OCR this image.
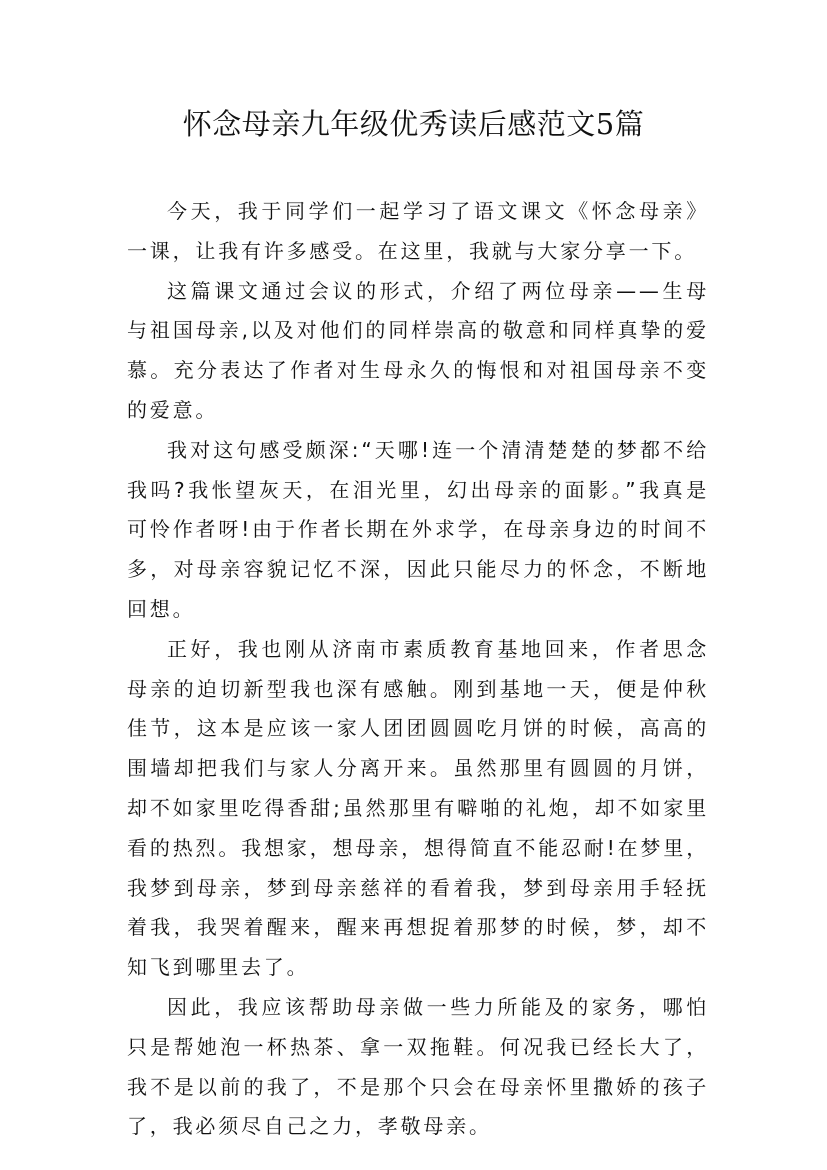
怀念母亲九年级优秀读后感范文5篇

今天，我于同学们一起学习了语文课文《怀念母亲》一课，让我有许多感受。在这里，我就与大家分享一下。

这篇课文通过会议的形式，介绍了两位母亲——生母与祖国母亲,以及对他们的同样崇高的敬意和同样真挚的爱慕。充分表达了作者对生母永久的悔恨和对祖国母亲不变的爱意。

我对这句感受颇深:“天哪!连一个清清楚楚的梦都不给我吗?我怅望灰天，在泪光里，幻出母亲的面影。”我真是可怜作者呀!由于作者长期在外求学，在母亲身边的时间不多，对母亲容貌记忆不深，因此只能尽力的怀念，不断地回想。

正好，我也刚从济南市素质教育基地回来，作者思念母亲的迫切新型我也深有感触。刚到基地一天，便是仲秋佳节，这本是应该一家人团团圆圆吃月饼的时候，高高的围墙却把我们与家人分离开来。虽然那里有圆圆的月饼，却不如家里吃得香甜;虽然那里有噼啪的礼炮，却不如家里看的热烈。我想家，想母亲，想得简直不能忍耐!在梦里，我梦到母亲，梦到母亲慈祥的看着我，梦到母亲用手轻抚着我，我哭着醒来，醒来再想捉着那梦的时候，梦，却不知飞到哪里去了。

因此，我应该帮助母亲做一些力所能及的家务，哪怕只是帮她泡一杯热茶、拿一双拖鞋。何况我已经长大了，我不是以前的我了，不是那个只会在母亲怀里撒娇的孩子了，我必须尽自己之力，孝敬母亲。
